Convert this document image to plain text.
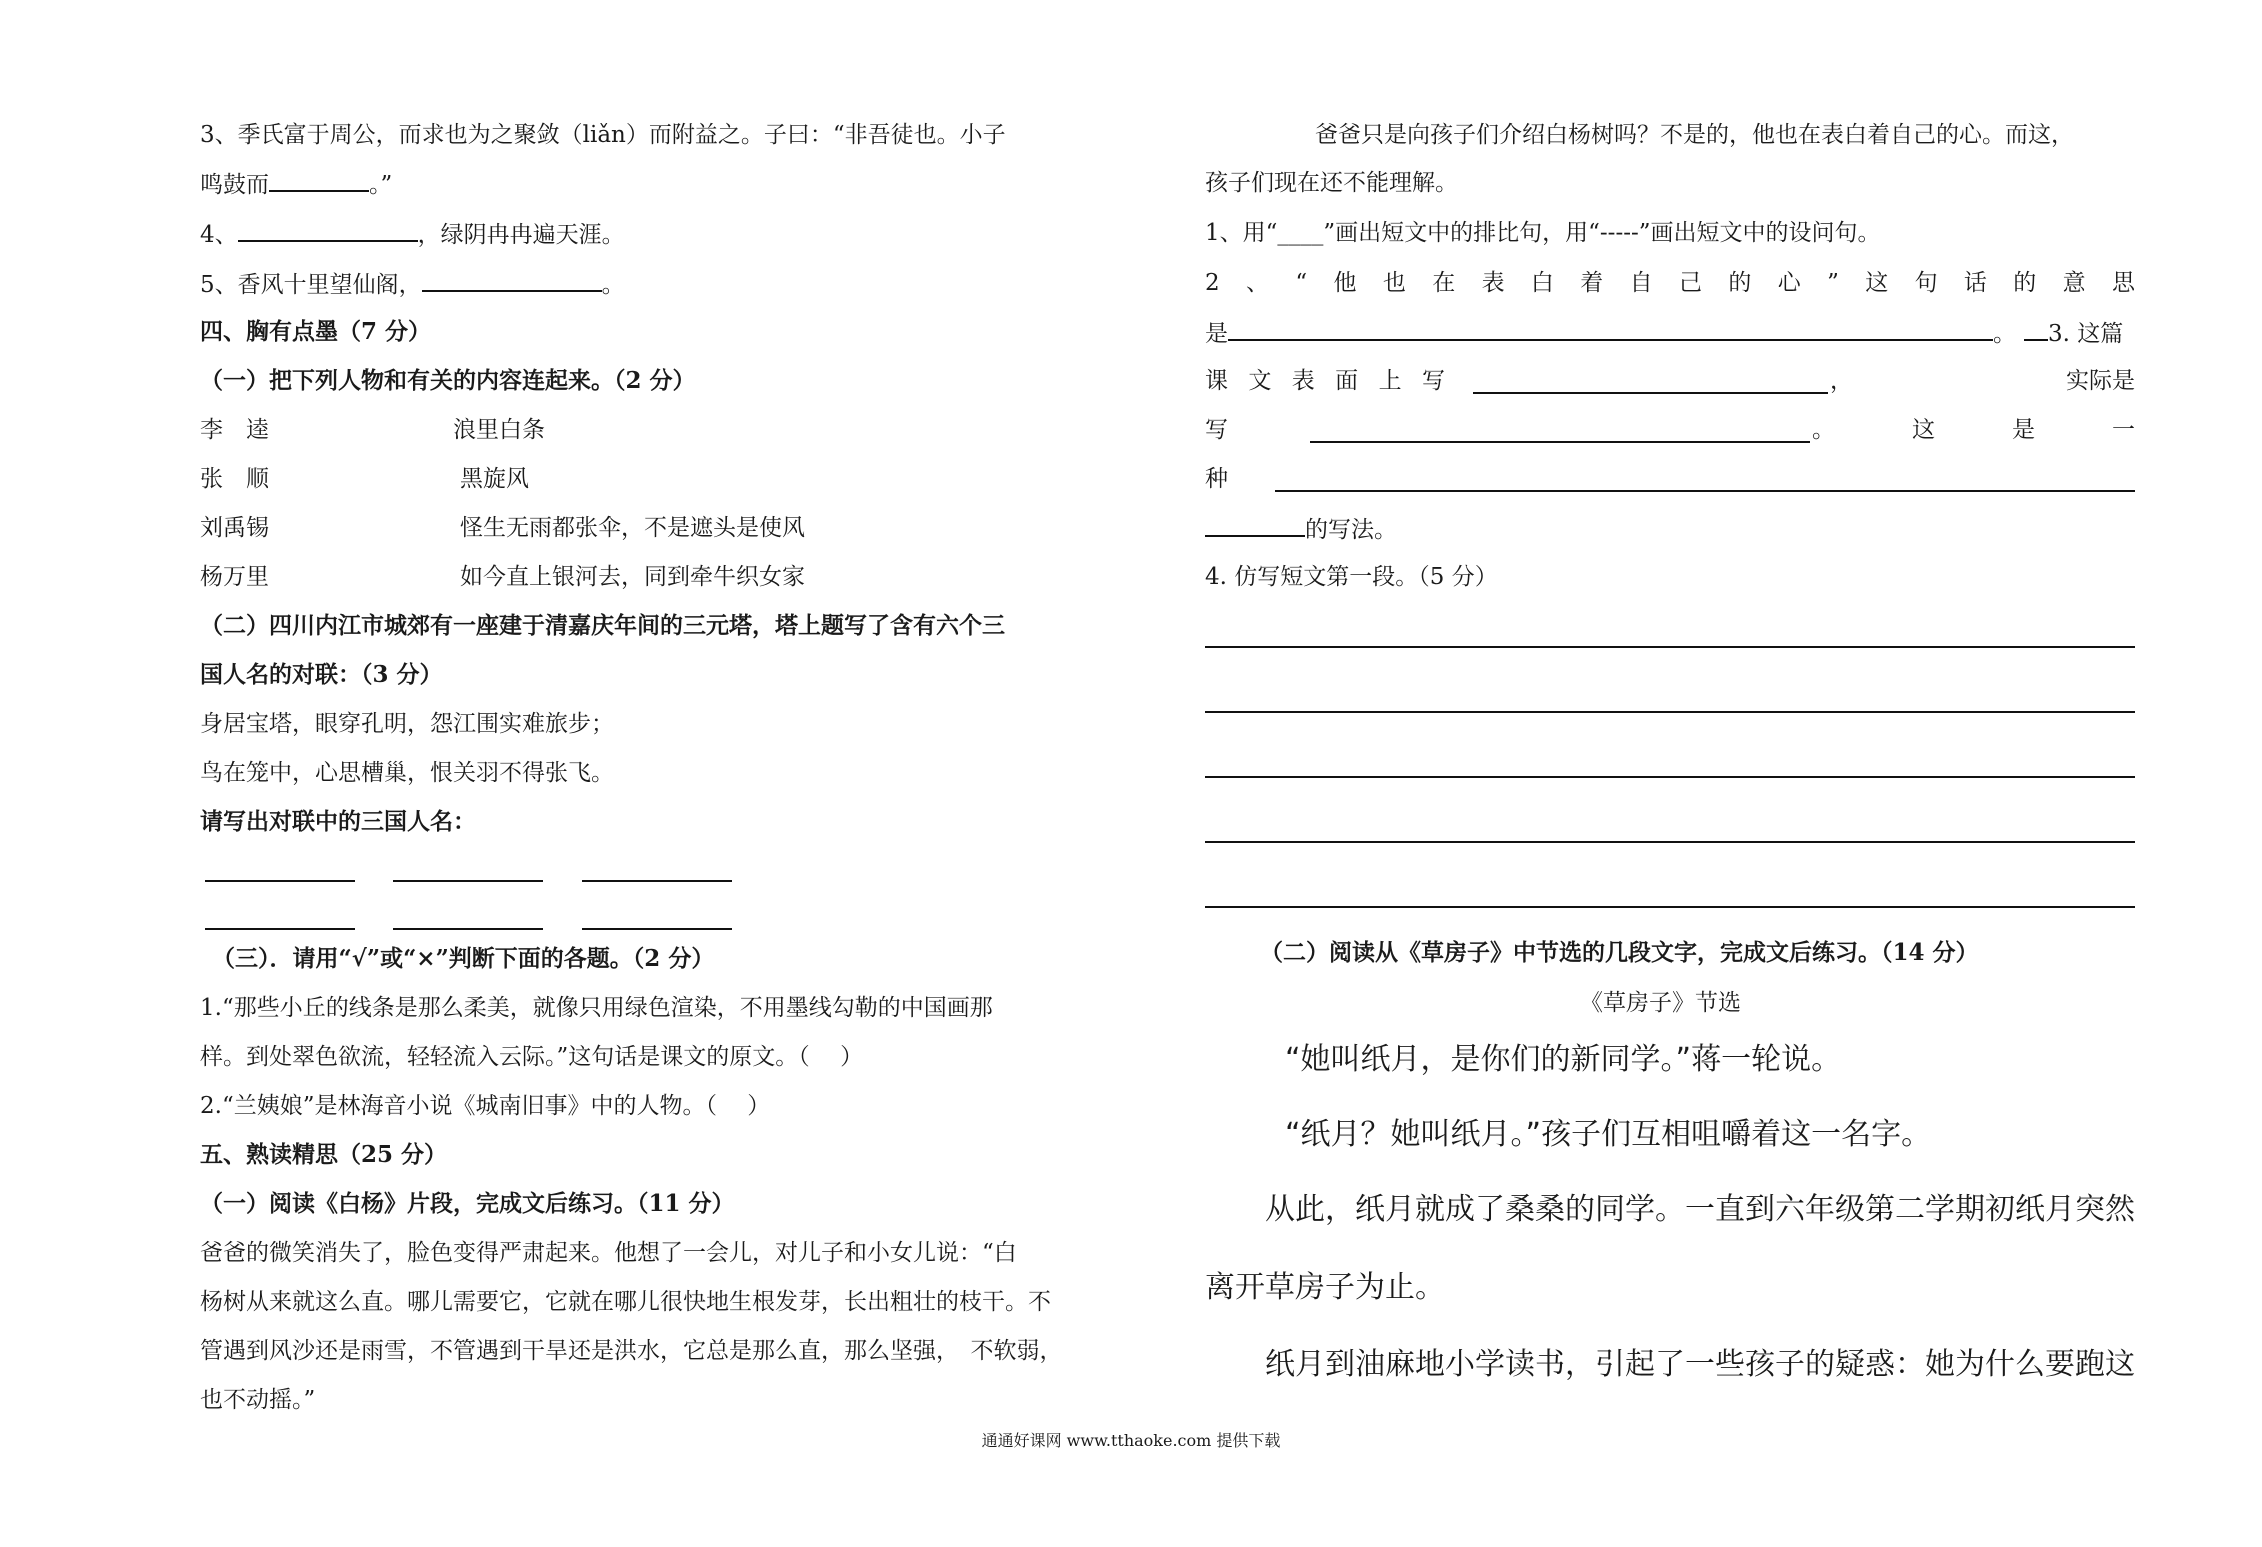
3、季氏富于周公，而求也为之聚敛（liǎn）而附益之。子曰：“非吾徒也。小子
鸣鼓而	。”
4、	，绿阴冉冉遍天涯。
5、香风十里望仙阁，	。
四、胸有点墨（7 分）
（一）把下列人物和有关的内容连起来。（2 分）
李　逵	浪里白条
张　顺	黑旋风
刘禹锡	怪生无雨都张伞，不是遮头是使风
杨万里	如今直上银河去，同到牵牛织女家
（二）四川内江市城郊有一座建于清嘉庆年间的三元塔，塔上题写了含有六个三
国人名的对联：（3 分）
身居宝塔，眼穿孔明，怨江围实难旅步；
鸟在笼中，心思槽巢，恨关羽不得张飞。
请写出对联中的三国人名：
（三）．请用“√”或“×”判断下面的各题。（2 分）
1.“那些小丘的线条是那么柔美，就像只用绿色渲染，不用墨线勾勒的中国画那
样。到处翠色欲流，轻轻流入云际。”这句话是课文的原文。（　 ）
2.“兰姨娘”是林海音小说《城南旧事》中的人物。（　 ）
五、熟读精思（25 分）
（一）阅读《白杨》片段，完成文后练习。（11 分）
爸爸的微笑消失了，脸色变得严肃起来。他想了一会儿，对儿子和小女儿说：“白
杨树从来就这么直。哪儿需要它，它就在哪儿很快地生根发芽，长出粗壮的枝干。不
管遇到风沙还是雨雪，不管遇到干旱还是洪水，它总是那么直，那么坚强，　不软弱，
也不动摇。”
爸爸只是向孩子们介绍白杨树吗？不是的，他也在表白着自己的心。而这，
孩子们现在还不能理解。
1、用“____”画出短文中的排比句，用“-----”画出短文中的设问句。
2 、 “ 他 也 在 表 白 着 自 己 的 心 ” 这 句 话 的 意 思
是	。 3. 这篇
课 文 表 面 上 写	，	实 际 是
写	。	这	是	一
种
的写法。
4. 仿写短文第一段。（5 分）
（二）阅读从《草房子》中节选的几段文字，完成文后练习。（14 分）
《草房子》节选
“她叫纸月，是你们的新同学。”蒋一轮说。
“纸月？她叫纸月。”孩子们互相咀嚼着这一名字。
从此，纸月就成了桑桑的同学。一直到六年级第二学期初纸月突然
离开草房子为止。
纸月到油麻地小学读书，引起了一些孩子的疑惑：她为什么要跑这
通通好课网 www.tthaoke.com 提供下载
